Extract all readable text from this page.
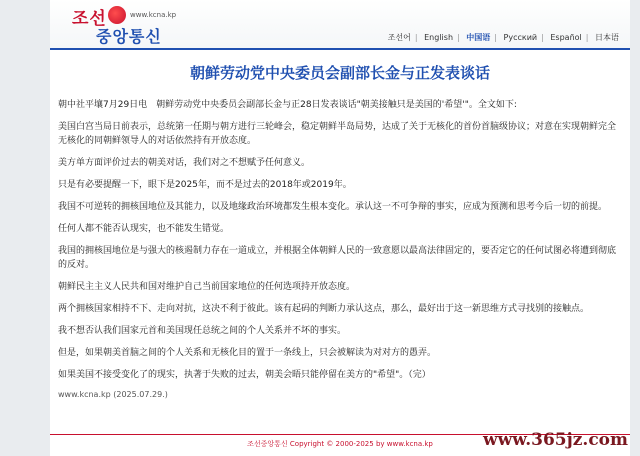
조선	www.kcna.kp
중앙통신	조선어 | English | 中国语 | Русский | Español | 日本语
朝鲜劳动党中央委员会副部长金与正发表谈话

朝中社平壤7月29日电　朝鲜劳动党中央委员会副部长金与正28日发表谈话"朝美接触只是美国的'希望'"。全文如下:

美国白宫当局日前表示，总统第一任期与朝方进行三轮峰会，稳定朝鲜半岛局势，达成了关于无核化的首份首脑级协议；对意在实现朝鲜完全无核化的同朝鲜领导人的对话依然持有开放态度。

美方单方面评价过去的朝美对话，我们对之不想赋予任何意义。

只是有必要提醒一下，眼下是2025年，而不是过去的2018年或2019年。

我国不可逆转的拥核国地位及其能力，以及地缘政治环境都发生根本变化。承认这一不可争辩的事实，应成为预测和思考今后一切的前提。

任何人都不能否认现实，也不能发生错觉。

我国的拥核国地位是与强大的核遏制力存在一道成立，并根据全体朝鲜人民的一致意愿以最高法律固定的，要否定它的任何试图必将遭到彻底的反对。

朝鲜民主主义人民共和国对维护自己当前国家地位的任何选项持开放态度。

两个拥核国家相持不下、走向对抗，这决不利于彼此。该有起码的判断力承认这点，那么，最好出于这一新思维方式寻找别的接触点。

我不想否认我们国家元首和美国现任总统之间的个人关系并不坏的事实。

但是，如果朝美首脑之间的个人关系和无核化目的置于一条线上，只会被解读为对对方的愚弄。

如果美国不接受变化了的现实，执著于失败的过去，朝美会晤只能停留在美方的"希望"。（完）

www.kcna.kp (2025.07.29.)
조선중앙통신 Copyright © 2000-2025 by www.kcna.kp	www.365jz.com
